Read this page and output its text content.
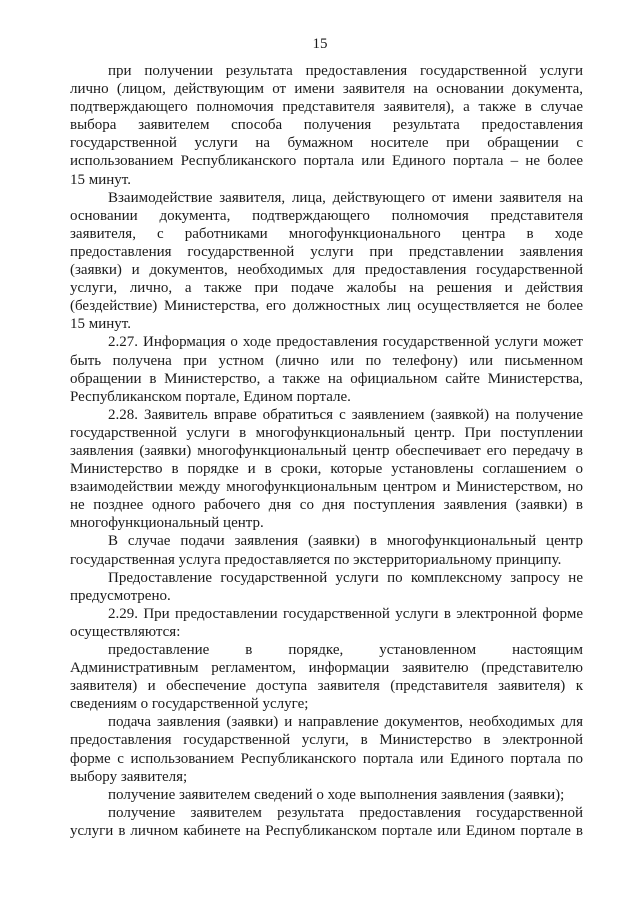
15
при получении результата предоставления государственной услуги
лично (лицом, действующим от имени заявителя на основании документа,
подтверждающего полномочия представителя заявителя), а также в случае
выбора заявителем способа получения результата предоставления
государственной услуги на бумажном носителе при обращении с
использованием Республиканского портала или Единого портала – не более
15 минут.
Взаимодействие заявителя, лица, действующего от имени заявителя на
основании документа, подтверждающего полномочия представителя
заявителя, с работниками многофункционального центра в ходе
предоставления государственной услуги при представлении заявления
(заявки) и документов, необходимых для предоставления государственной
услуги, лично, а также при подаче жалобы на решения и действия
(бездействие) Министерства, его должностных лиц осуществляется не более
15 минут.
2.27. Информация о ходе предоставления государственной услуги может
быть получена при устном (лично или по телефону) или письменном
обращении в Министерство, а также на официальном сайте Министерства,
Республиканском портале, Едином портале.
2.28. Заявитель вправе обратиться с заявлением (заявкой) на получение
государственной услуги в многофункциональный центр. При поступлении
заявления (заявки) многофункциональный центр обеспечивает его передачу в
Министерство в порядке и в сроки, которые установлены соглашением о
взаимодействии между многофункциональным центром и Министерством, но
не позднее одного рабочего дня со дня поступления заявления (заявки) в
многофункциональный центр.
В случае подачи заявления (заявки) в многофункциональный центр
государственная услуга предоставляется по экстерриториальному принципу.
Предоставление государственной услуги по комплексному запросу не
предусмотрено.
2.29. При предоставлении государственной услуги в электронной форме
осуществляются:
предоставление в порядке, установленном настоящим
Административным регламентом, информации заявителю (представителю
заявителя) и обеспечение доступа заявителя (представителя заявителя) к
сведениям о государственной услуге;
подача заявления (заявки) и направление документов, необходимых для
предоставления государственной услуги, в Министерство в электронной
форме с использованием Республиканского портала или Единого портала по
выбору заявителя;
получение заявителем сведений о ходе выполнения заявления (заявки);
получение заявителем результата предоставления государственной
услуги в личном кабинете на Республиканском портале или Едином портале в
